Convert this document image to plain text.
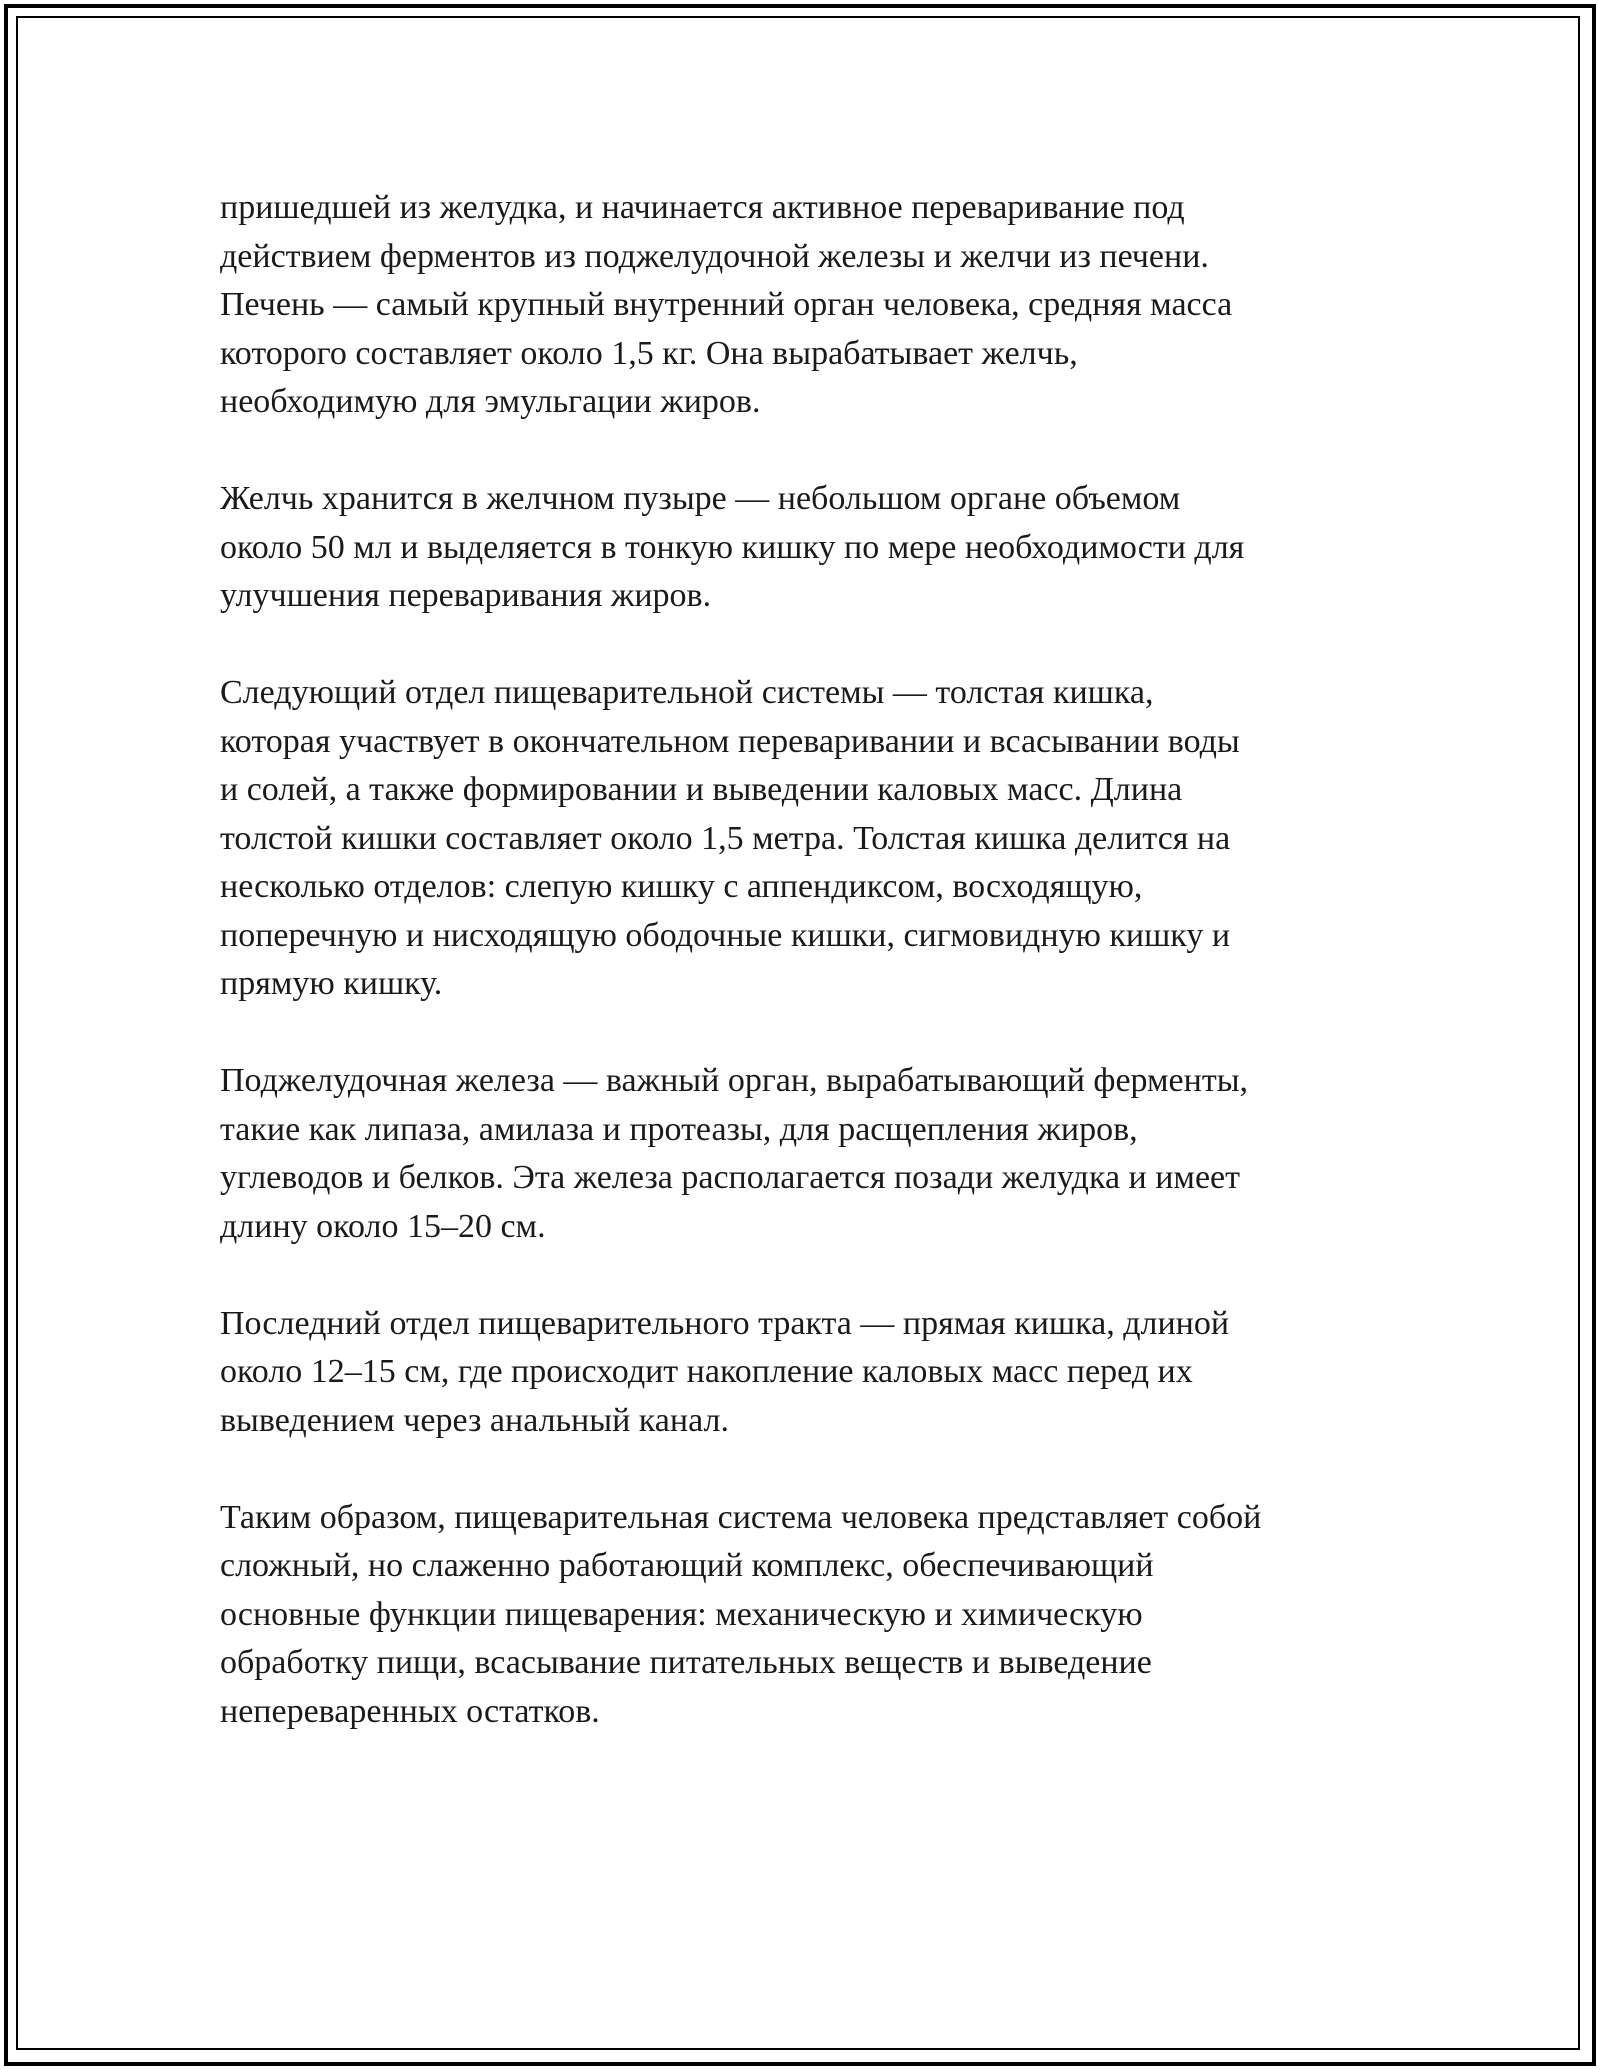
пришедшей из желудка, и начинается активное переваривание под
действием ферментов из поджелудочной железы и желчи из печени.
Печень — самый крупный внутренний орган человека, средняя масса
которого составляет около 1,5 кг. Она вырабатывает желчь,
необходимую для эмульгации жиров.

Желчь хранится в желчном пузыре — небольшом органе объемом
около 50 мл и выделяется в тонкую кишку по мере необходимости для
улучшения переваривания жиров.

Следующий отдел пищеварительной системы — толстая кишка,
которая участвует в окончательном переваривании и всасывании воды
и солей, а также формировании и выведении каловых масс. Длина
толстой кишки составляет около 1,5 метра. Толстая кишка делится на
несколько отделов: слепую кишку с аппендиксом, восходящую,
поперечную и нисходящую ободочные кишки, сигмовидную кишку и
прямую кишку.

Поджелудочная железа — важный орган, вырабатывающий ферменты,
такие как липаза, амилаза и протеазы, для расщепления жиров,
углеводов и белков. Эта железа располагается позади желудка и имеет
длину около 15–20 см.

Последний отдел пищеварительного тракта — прямая кишка, длиной
около 12–15 см, где происходит накопление каловых масс перед их
выведением через анальный канал.

Таким образом, пищеварительная система человека представляет собой
сложный, но слаженно работающий комплекс, обеспечивающий
основные функции пищеварения: механическую и химическую
обработку пищи, всасывание питательных веществ и выведение
непереваренных остатков.
